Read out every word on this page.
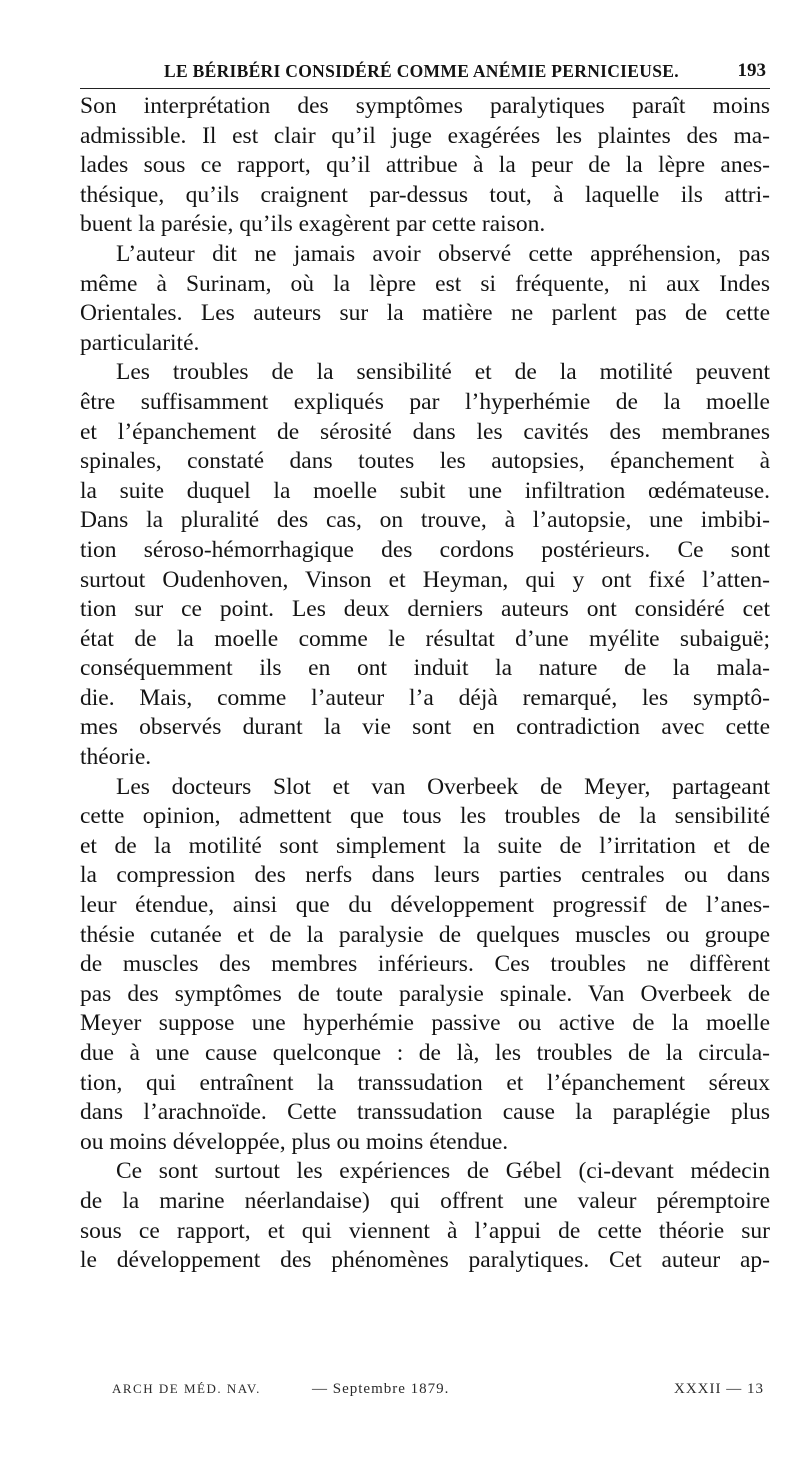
LE BÉRIBÉRI CONSIDÉRÉ COMME ANÉMIE PERNICIEUSE.	193
Son interprétation des symptômes paralytiques paraît moins
admissible. Il est clair qu’il juge exagérées les plaintes des ma-
lades sous ce rapport, qu’il attribue à la peur de la lèpre anes-
thésique, qu’ils craignent par-dessus tout, à laquelle ils attri-
buent la parésie, qu’ils exagèrent par cette raison.
L’auteur dit ne jamais avoir observé cette appréhension, pas
même à Surinam, où la lèpre est si fréquente, ni aux Indes
Orientales. Les auteurs sur la matière ne parlent pas de cette
particularité.
Les troubles de la sensibilité et de la motilité peuvent
être suffisamment expliqués par l’hyperhémie de la moelle
et l’épanchement de sérosité dans les cavités des membranes
spinales, constaté dans toutes les autopsies, épanchement à
la suite duquel la moelle subit une infiltration œdémateuse.
Dans la pluralité des cas, on trouve, à l’autopsie, une imbibi-
tion séroso-hémorrhagique des cordons postérieurs. Ce sont
surtout Oudenhoven, Vinson et Heyman, qui y ont fixé l’atten-
tion sur ce point. Les deux derniers auteurs ont considéré cet
état de la moelle comme le résultat d’une myélite subaiguë;
conséquemment ils en ont induit la nature de la mala-
die. Mais, comme l’auteur l’a déjà remarqué, les symptô-
mes observés durant la vie sont en contradiction avec cette
théorie.
Les docteurs Slot et van Overbeek de Meyer, partageant
cette opinion, admettent que tous les troubles de la sensibilité
et de la motilité sont simplement la suite de l’irritation et de
la compression des nerfs dans leurs parties centrales ou dans
leur étendue, ainsi que du développement progressif de l’anes-
thésie cutanée et de la paralysie de quelques muscles ou groupe
de muscles des membres inférieurs. Ces troubles ne diffèrent
pas des symptômes de toute paralysie spinale. Van Overbeek de
Meyer suppose une hyperhémie passive ou active de la moelle
due à une cause quelconque : de là, les troubles de la circula-
tion, qui entraînent la transsudation et l’épanchement séreux
dans l’arachnoïde. Cette transsudation cause la paraplégie plus
ou moins développée, plus ou moins étendue.
Ce sont surtout les expériences de Gébel (ci-devant médecin
de la marine néerlandaise) qui offrent une valeur péremptoire
sous ce rapport, et qui viennent à l’appui de cette théorie sur
le développement des phénomènes paralytiques. Cet auteur ap-
ARCH DE MÉD. NAV.	— Septembre 1879.	XXXII — 13
